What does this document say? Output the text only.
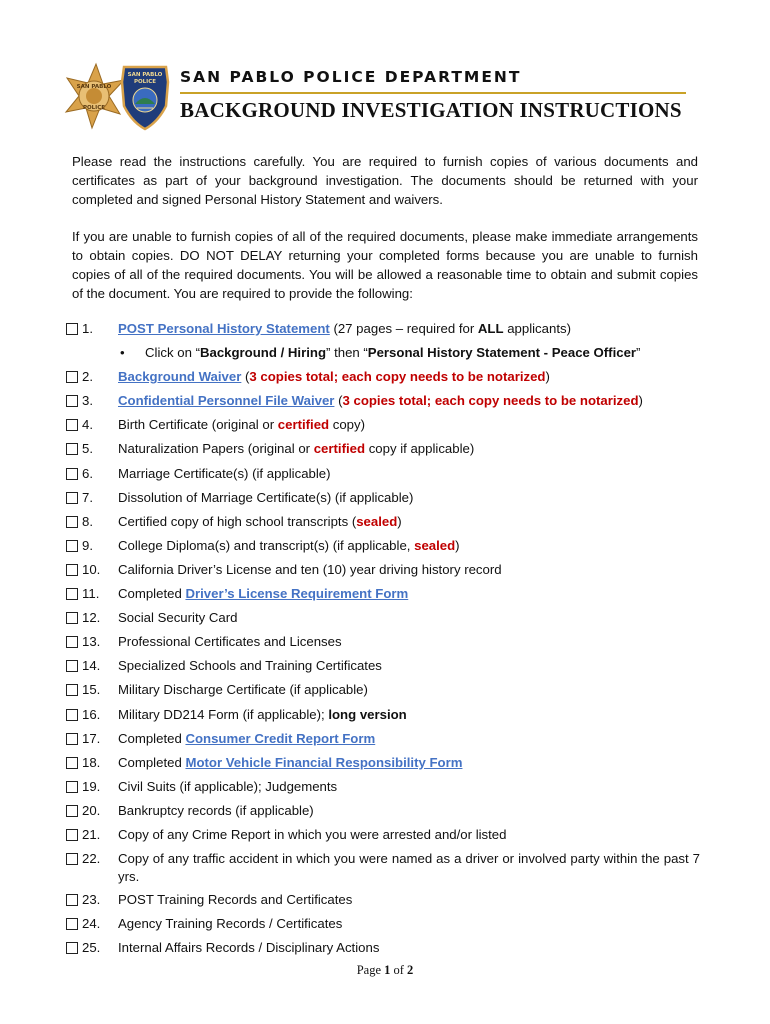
SAN PABLO
POLICE
SAN PABLO
POLICE SAN PABLO POLICE DEPARTMENT
BACKGROUND INVESTIGATION INSTRUCTIONS
Please read the instructions carefully. You are required to furnish copies of various documents and certificates as part of your background investigation. The documents should be returned with your completed and signed Personal History Statement and waivers.
If you are unable to furnish copies of all of the required documents, please make immediate arrangements to obtain copies. DO NOT DELAY returning your completed forms because you are unable to furnish copies of all of the required documents. You will be allowed a reasonable time to obtain and submit copies of the document. You are required to provide the following:
1.	POST Personal History Statement (27 pages – required for ALL applicants)
• Click on “Background / Hiring” then “Personal History Statement - Peace Officer”
2.	Background Waiver (3 copies total; each copy needs to be notarized)
3.	Confidential Personnel File Waiver (3 copies total; each copy needs to be notarized)
4.	Birth Certificate (original or certified copy)
5.	Naturalization Papers (original or certified copy if applicable)
6.	Marriage Certificate(s) (if applicable)
7.	Dissolution of Marriage Certificate(s) (if applicable)
8.	Certified copy of high school transcripts (sealed)
9.	College Diploma(s) and transcript(s) (if applicable, sealed)
10.	California Driver’s License and ten (10) year driving history record
11.	Completed Driver’s License Requirement Form
12.	Social Security Card
13.	Professional Certificates and Licenses
14.	Specialized Schools and Training Certificates
15.	Military Discharge Certificate (if applicable)
16.	Military DD214 Form (if applicable); long version
17.	Completed Consumer Credit Report Form
18.	Completed Motor Vehicle Financial Responsibility Form
19.	Civil Suits (if applicable); Judgements
20.	Bankruptcy records (if applicable)
21.	Copy of any Crime Report in which you were arrested and/or listed
22.	Copy of any traffic accident in which you were named as a driver or involved party within the past 7 yrs.
23.	POST Training Records and Certificates
24.	Agency Training Records / Certificates
25.	Internal Affairs Records / Disciplinary Actions
Page 1 of 2
